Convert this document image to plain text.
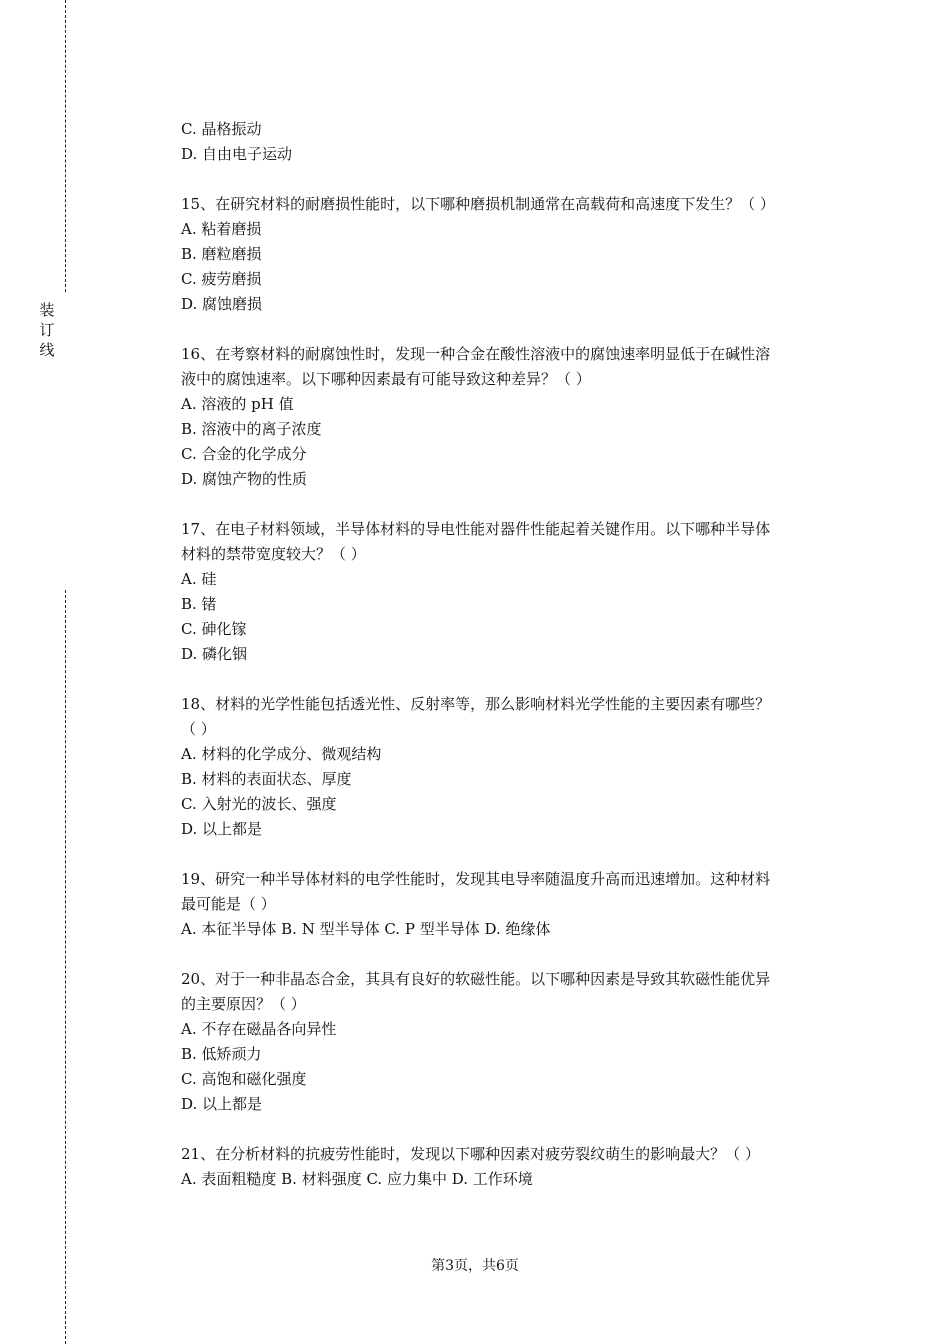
装订线
C. 晶格振动
D. 自由电子运动
15、在研究材料的耐磨损性能时，以下哪种磨损机制通常在高载荷和高速度下发生？（ ）
A. 粘着磨损
B. 磨粒磨损
C. 疲劳磨损
D. 腐蚀磨损
16、在考察材料的耐腐蚀性时，发现一种合金在酸性溶液中的腐蚀速率明显低于在碱性溶
液中的腐蚀速率。以下哪种因素最有可能导致这种差异？（ ）
A. 溶液的 pH 值
B. 溶液中的离子浓度
C. 合金的化学成分
D. 腐蚀产物的性质
17、在电子材料领域，半导体材料的导电性能对器件性能起着关键作用。以下哪种半导体
材料的禁带宽度较大？（ ）
A. 硅
B. 锗
C. 砷化镓
D. 磷化铟
18、材料的光学性能包括透光性、反射率等，那么影响材料光学性能的主要因素有哪些？
（ ）
A. 材料的化学成分、微观结构
B. 材料的表面状态、厚度
C. 入射光的波长、强度
D. 以上都是
19、研究一种半导体材料的电学性能时，发现其电导率随温度升高而迅速增加。这种材料
最可能是（ ）
A. 本征半导体 B. N 型半导体 C. P 型半导体 D. 绝缘体
20、对于一种非晶态合金，其具有良好的软磁性能。以下哪种因素是导致其软磁性能优异
的主要原因？（ ）
A. 不存在磁晶各向异性
B. 低矫顽力
C. 高饱和磁化强度
D. 以上都是
21、在分析材料的抗疲劳性能时，发现以下哪种因素对疲劳裂纹萌生的影响最大？（ ）
A. 表面粗糙度 B. 材料强度 C. 应力集中 D. 工作环境
第3页，共6页
